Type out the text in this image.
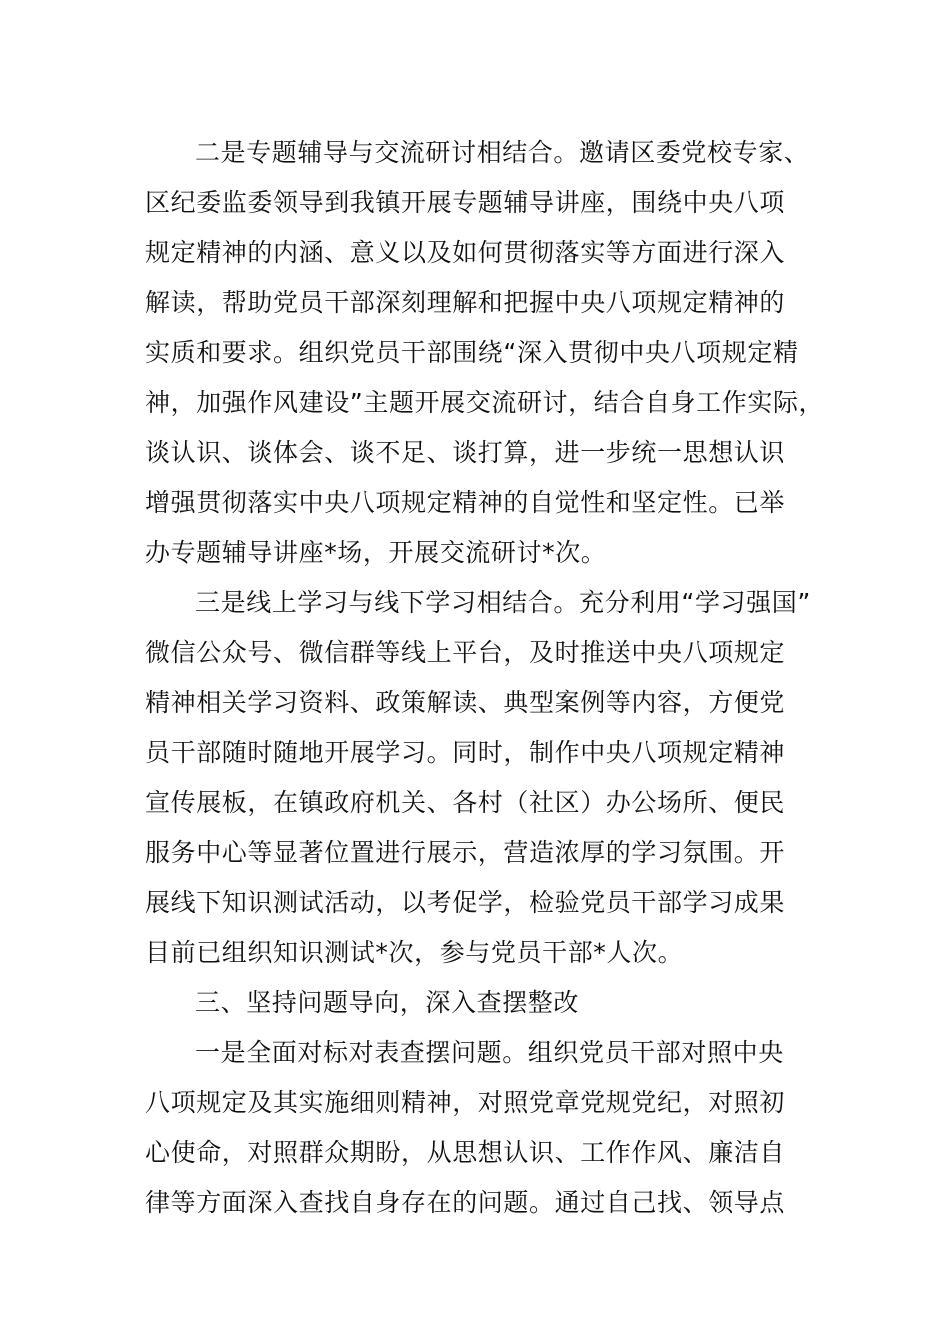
二是专题辅导与交流研讨相结合。邀请区委党校专家、
区纪委监委领导到我镇开展专题辅导讲座，围绕中央八项
规定精神的内涵、意义以及如何贯彻落实等方面进行深入
解读，帮助党员干部深刻理解和把握中央八项规定精神的
实质和要求。组织党员干部围绕“深入贯彻中央八项规定精
神，加强作风建设”主题开展交流研讨，结合自身工作实际，
谈认识、谈体会、谈不足、谈打算，进一步统一思想认识
增强贯彻落实中央八项规定精神的自觉性和坚定性。已举
办专题辅导讲座*场，开展交流研讨*次。
三是线上学习与线下学习相结合。充分利用“学习强国”
微信公众号、微信群等线上平台，及时推送中央八项规定
精神相关学习资料、政策解读、典型案例等内容，方便党
员干部随时随地开展学习。同时，制作中央八项规定精神
宣传展板，在镇政府机关、各村（社区）办公场所、便民
服务中心等显著位置进行展示，营造浓厚的学习氛围。开
展线下知识测试活动，以考促学，检验党员干部学习成果
目前已组织知识测试*次，参与党员干部*人次。
三、坚持问题导向，深入查摆整改
一是全面对标对表查摆问题。组织党员干部对照中央
八项规定及其实施细则精神，对照党章党规党纪，对照初
心使命，对照群众期盼，从思想认识、工作作风、廉洁自
律等方面深入查找自身存在的问题。通过自己找、领导点
